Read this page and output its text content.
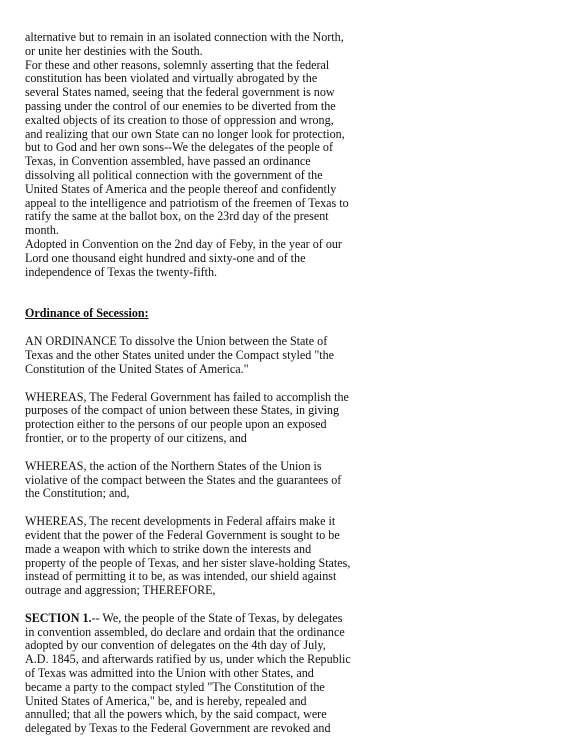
alternative but to remain in an isolated connection with the North,
or unite her destinies with the South.

For these and other reasons, solemnly asserting that the federal
constitution has been violated and virtually abrogated by the
several States named, seeing that the federal government is now
passing under the control of our enemies to be diverted from the
exalted objects of its creation to those of oppression and wrong,
and realizing that our own State can no longer look for protection,
but to God and her own sons--We the delegates of the people of
Texas, in Convention assembled, have passed an ordinance
dissolving all political connection with the government of the
United States of America and the people thereof and confidently
appeal to the intelligence and patriotism of the freemen of Texas to
ratify the same at the ballot box, on the 23rd day of the present
month.

Adopted in Convention on the 2nd day of Feby, in the year of our
Lord one thousand eight hundred and sixty-one and of the
independence of Texas the twenty-fifth.

Ordinance of Secession:

AN ORDINANCE To dissolve the Union between the State of
Texas and the other States united under the Compact styled "the
Constitution of the United States of America."

WHEREAS, The Federal Government has failed to accomplish the
purposes of the compact of union between these States, in giving
protection either to the persons of our people upon an exposed
frontier, or to the property of our citizens, and

WHEREAS, the action of the Northern States of the Union is
violative of the compact between the States and the guarantees of
the Constitution; and,

WHEREAS, The recent developments in Federal affairs make it
evident that the power of the Federal Government is sought to be
made a weapon with which to strike down the interests and
property of the people of Texas, and her sister slave-holding States,
instead of permitting it to be, as was intended, our shield against
outrage and aggression; THEREFORE,

SECTION 1.-- We, the people of the State of Texas, by delegates
in convention assembled, do declare and ordain that the ordinance
adopted by our convention of delegates on the 4th day of July,
A.D. 1845, and afterwards ratified by us, under which the Republic
of Texas was admitted into the Union with other States, and
became a party to the compact styled "The Constitution of the
United States of America," be, and is hereby, repealed and
annulled; that all the powers which, by the said compact, were
delegated by Texas to the Federal Government are revoked and
